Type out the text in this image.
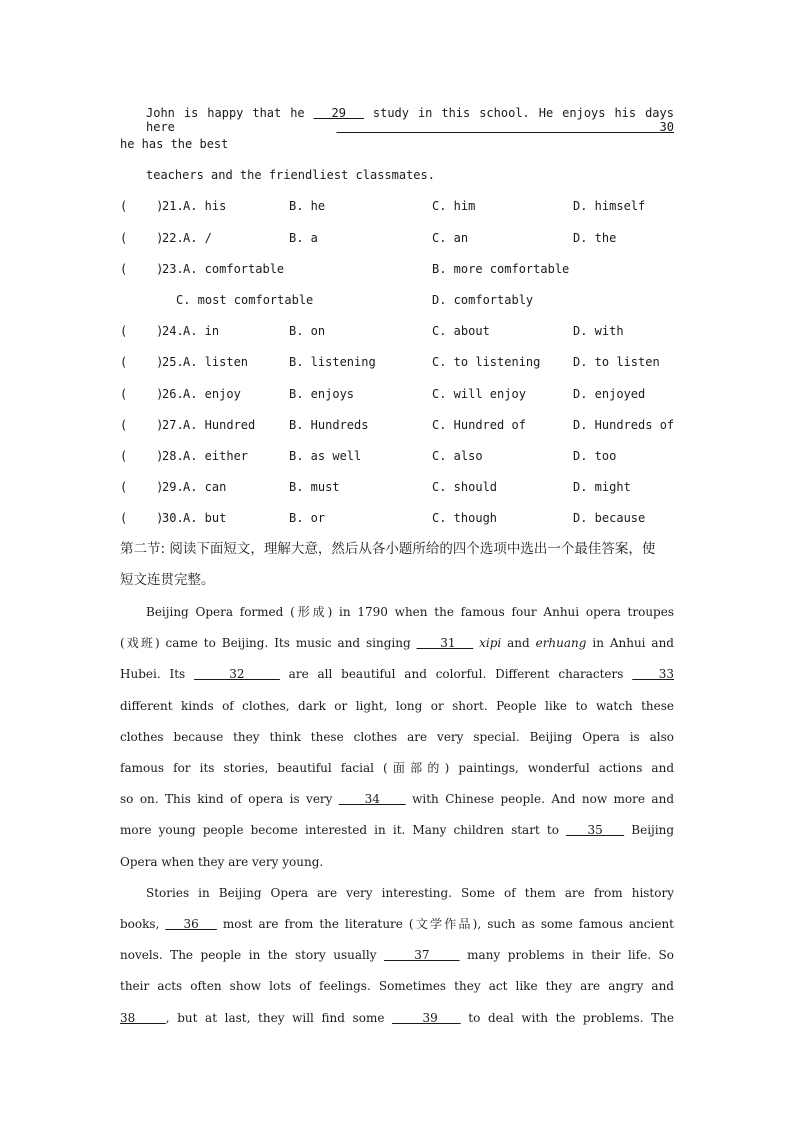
John is happy that he   29   study in this school. He enjoys his days here   30
he has the best
teachers and the friendliest classmates.
(    )
21. A. his	B. he	C. him	D. himself
(    )
22. A. /	B. a	C. an	D. the
(    )
23. A. comfortable	B. more comfortable
C. most comfortable	D. comfortably
(    )
24. A. in	B. on	C. about	D. with
(    )
25. A. listen	B. listening	C. to listening	D. to listen
(    )
26. A. enjoy	B. enjoys	C. will enjoy	D. enjoyed
(    )
27. A. Hundred	B. Hundreds	C. Hundred of	D. Hundreds of
(    )
28. A. either	B. as well	C. also	D. too
(    )
29. A. can	B. must	C. should	D. might
(    )
30. A. but	B. or	C. though	D. because
第二节: 阅读下面短文，理解大意，然后从各小题所给的四个选项中选出一个最佳答案，使
短文连贯完整。
Beijing Opera formed (形成) in 1790 when the famous four Anhui opera troupes
(戏班) came to Beijing. Its music and singing     31    xipi and erhuang in Anhui and
Hubei. Its     32     are all beautiful and colorful. Different characters    33
different kinds of clothes, dark or light, long or short. People like to watch these
clothes because they think these clothes are very special. Beijing Opera is also
famous for its stories, beautiful facial (面部的) paintings, wonderful actions and
so on. This kind of opera is very     34     with Chinese people. And now more and
more young people become interested in it. Many children start to    35    Beijing
Opera when they are very young.
Stories in Beijing Opera are very interesting. Some of them are from history
books,    36    most are from the literature (文学作品), such as some famous ancient
novels. The people in the story usually     37     many problems in their life. So
their acts often show lots of feelings. Sometimes they act like they are angry and
38    , but at last, they will find some     39    to deal with the problems. The
